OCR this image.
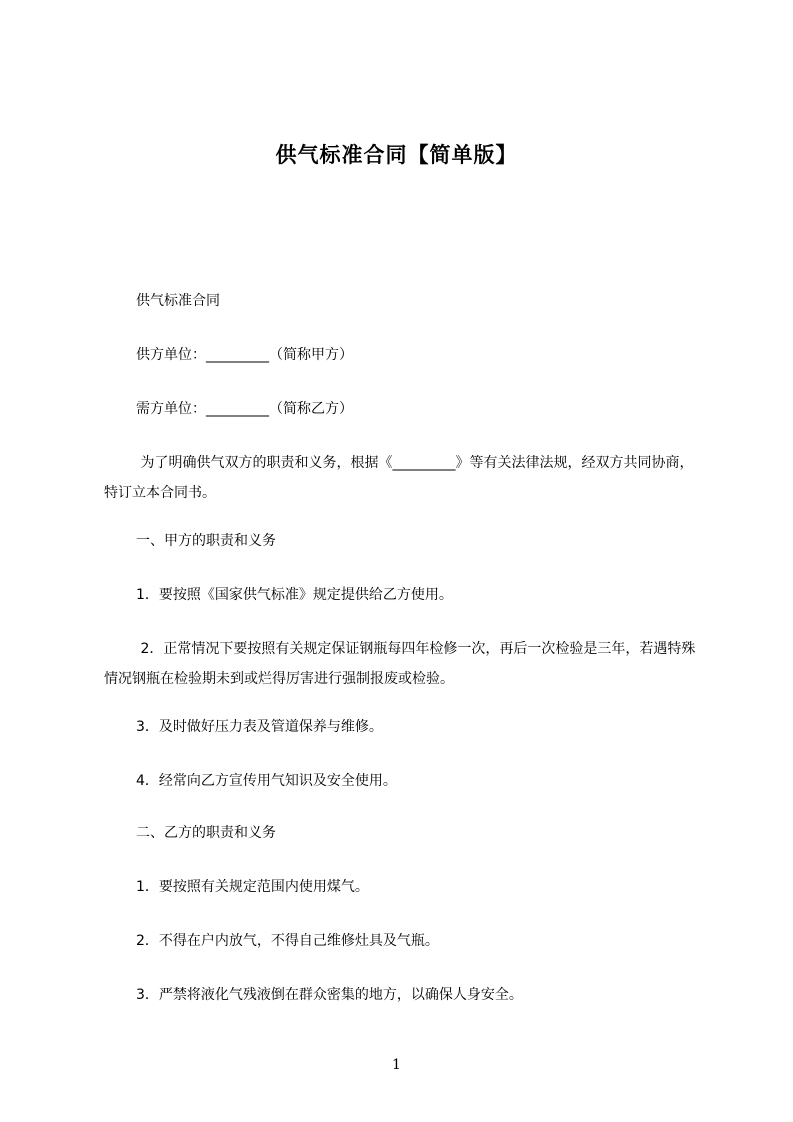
供气标准合同【简单版】
供气标准合同
供方单位：_________（简称甲方）
需方单位：_________（简称乙方）
为了明确供气双方的职责和义务，根据《_________》等有关法律法规，经双方共同协商，特订立本合同书。
一、甲方的职责和义务
1．要按照《国家供气标准》规定提供给乙方使用。
2．正常情况下要按照有关规定保证钢瓶每四年检修一次，再后一次检验是三年，若遇特殊情况钢瓶在检验期未到或烂得厉害进行强制报废或检验。
3．及时做好压力表及管道保养与维修。
4．经常向乙方宣传用气知识及安全使用。
二、乙方的职责和义务
1．要按照有关规定范围内使用煤气。
2．不得在户内放气，不得自己维修灶具及气瓶。
3．严禁将液化气残液倒在群众密集的地方，以确保人身安全。
1
